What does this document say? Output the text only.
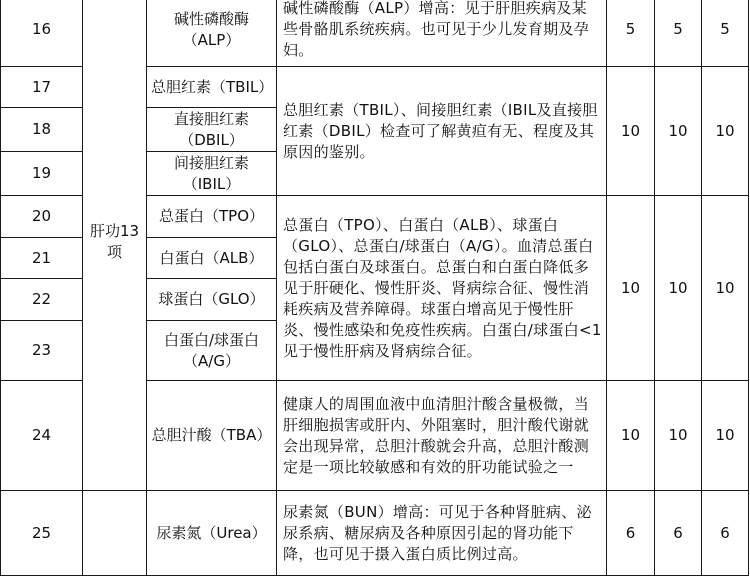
16	肝功13项	碱性磷酸酶（ALP）	碱性磷酸酶（ALP）增高：见于肝胆疾病及某些骨骼肌系统疾病。也可见于少儿发育期及孕妇。	5	5	5
17		总胆红素（TBIL）	总胆红素（TBIL）、间接胆红素（IBIL及直接胆红素（DBIL）检查可了解黄疸有无、程度及其原因的鉴别。	10	10	10
18		直接胆红素（DBIL）				
19		间接胆红素（IBIL）				
20		总蛋白（TPO）	总蛋白（TPO）、白蛋白（ALB）、球蛋白（GLO）、总蛋白/球蛋白（A/G）。血清总蛋白包括白蛋白及球蛋白。总蛋白和白蛋白降低多见于肝硬化、慢性肝炎、肾病综合征、慢性消耗疾病及营养障碍。球蛋白增高见于慢性肝炎、慢性感染和免疫性疾病。白蛋白/球蛋白<1见于慢性肝病及肾病综合征。	10	10	10
21		白蛋白（ALB）				
22		球蛋白（GLO）				
23		白蛋白/球蛋白（A/G）				
24		总胆汁酸（TBA）	健康人的周围血液中血清胆汁酸含量极微，当肝细胞损害或肝内、外阻塞时，胆汁酸代谢就会出现异常，总胆汁酸就会升高，总胆汁酸测定是一项比较敏感和有效的肝功能试验之一	10	10	10
25		尿素氮（Urea）	尿素氮（BUN）增高：可见于各种肾脏病、泌尿系病、糖尿病及各种原因引起的肾功能下降，也可见于摄入蛋白质比例过高。	6	6	6
